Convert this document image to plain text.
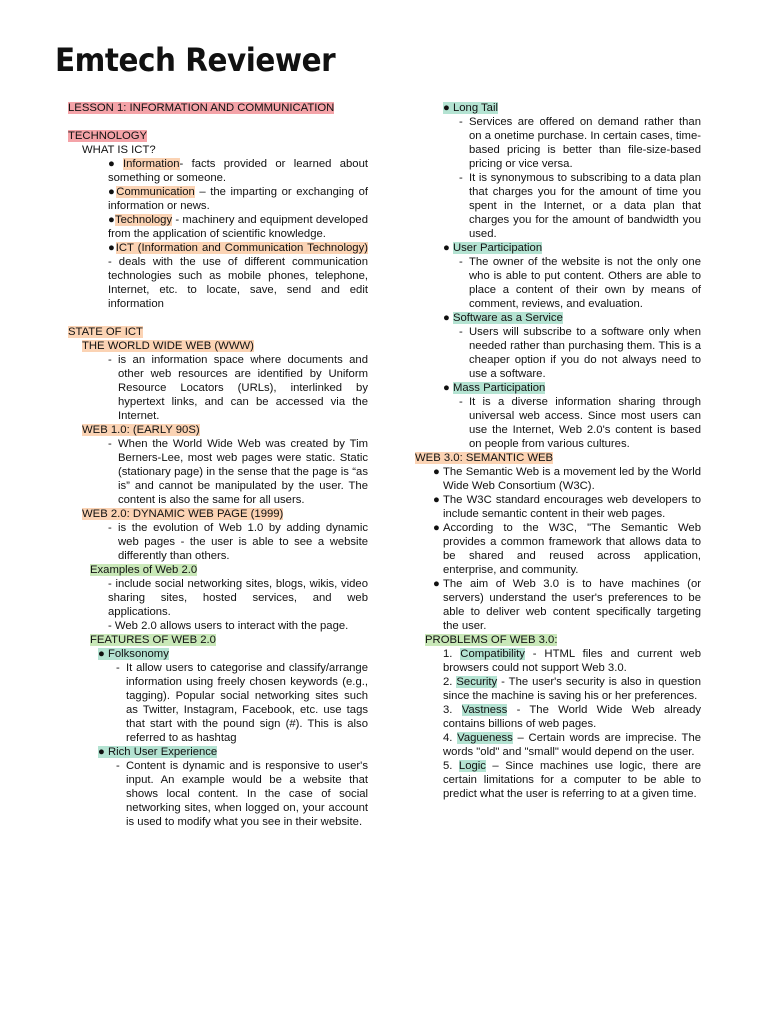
Emtech Reviewer

LESSON 1: INFORMATION AND COMMUNICATION

TECHNOLOGY

WHAT IS ICT?

● Information- facts provided or learned about something or someone.

●Communication – the imparting or exchanging of information or news.

●Technology - machinery and equipment developed from the application of scientific knowledge.

●ICT (Information and Communication Technology) - deals with the use of different communication technologies such as mobile phones, telephone, Internet, etc. to locate, save, send and edit information

STATE OF ICT

THE WORLD WIDE WEB (WWW)

- is an information space where documents and other web resources are identified by Uniform Resource Locators (URLs), interlinked by hypertext links, and can be accessed via the Internet.

WEB 1.0: (EARLY 90S)

- When the World Wide Web was created by Tim Berners-Lee, most web pages were static. Static (stationary page) in the sense that the page is “as is” and cannot be manipulated by the user. The content is also the same for all users.

WEB 2.0: DYNAMIC WEB PAGE (1999)

- is the evolution of Web 1.0 by adding dynamic web pages - the user is able to see a website differently than others.

Examples of Web 2.0

- include social networking sites, blogs, wikis, video sharing sites, hosted services, and web applications.

- Web 2.0 allows users to interact with the page.

FEATURES OF WEB 2.0

● Folksonomy

- It allow users to categorise and classify/arrange information using freely chosen keywords (e.g., tagging). Popular social networking sites such as Twitter, Instagram, Facebook, etc. use tags that start with the pound sign (#). This is also referred to as hashtag

● Rich User Experience

- Content is dynamic and is responsive to user's input. An example would be a website that shows local content. In the case of social networking sites, when logged on, your account is used to modify what you see in their website.

● Long Tail

- Services are offered on demand rather than on a onetime purchase. In certain cases, time-based pricing is better than file-size-based pricing or vice versa.

- It is synonymous to subscribing to a data plan that charges you for the amount of time you spent in the Internet, or a data plan that charges you for the amount of bandwidth you used.

● User Participation

- The owner of the website is not the only one who is able to put content. Others are able to place a content of their own by means of comment, reviews, and evaluation.

● Software as a Service

- Users will subscribe to a software only when needed rather than purchasing them. This is a cheaper option if you do not always need to use a software.

● Mass Participation

- It is a diverse information sharing through universal web access. Since most users can use the Internet, Web 2.0's content is based on people from various cultures.

WEB 3.0: SEMANTIC WEB

● The Semantic Web is a movement led by the World Wide Web Consortium (W3C).

● The W3C standard encourages web developers to include semantic content in their web pages.

● According to the W3C, "The Semantic Web provides a common framework that allows data to be shared and reused across application, enterprise, and community.

● The aim of Web 3.0 is to have machines (or servers) understand the user's preferences to be able to deliver web content specifically targeting the user.

PROBLEMS OF WEB 3.0:

1. Compatibility - HTML files and current web browsers could not support Web 3.0.

2. Security - The user's security is also in question since the machine is saving his or her preferences.

3. Vastness - The World Wide Web already contains billions of web pages.

4. Vagueness – Certain words are imprecise. The words "old" and "small" would depend on the user.

5. Logic – Since machines use logic, there are certain limitations for a computer to be able to predict what the user is referring to at a given time.
